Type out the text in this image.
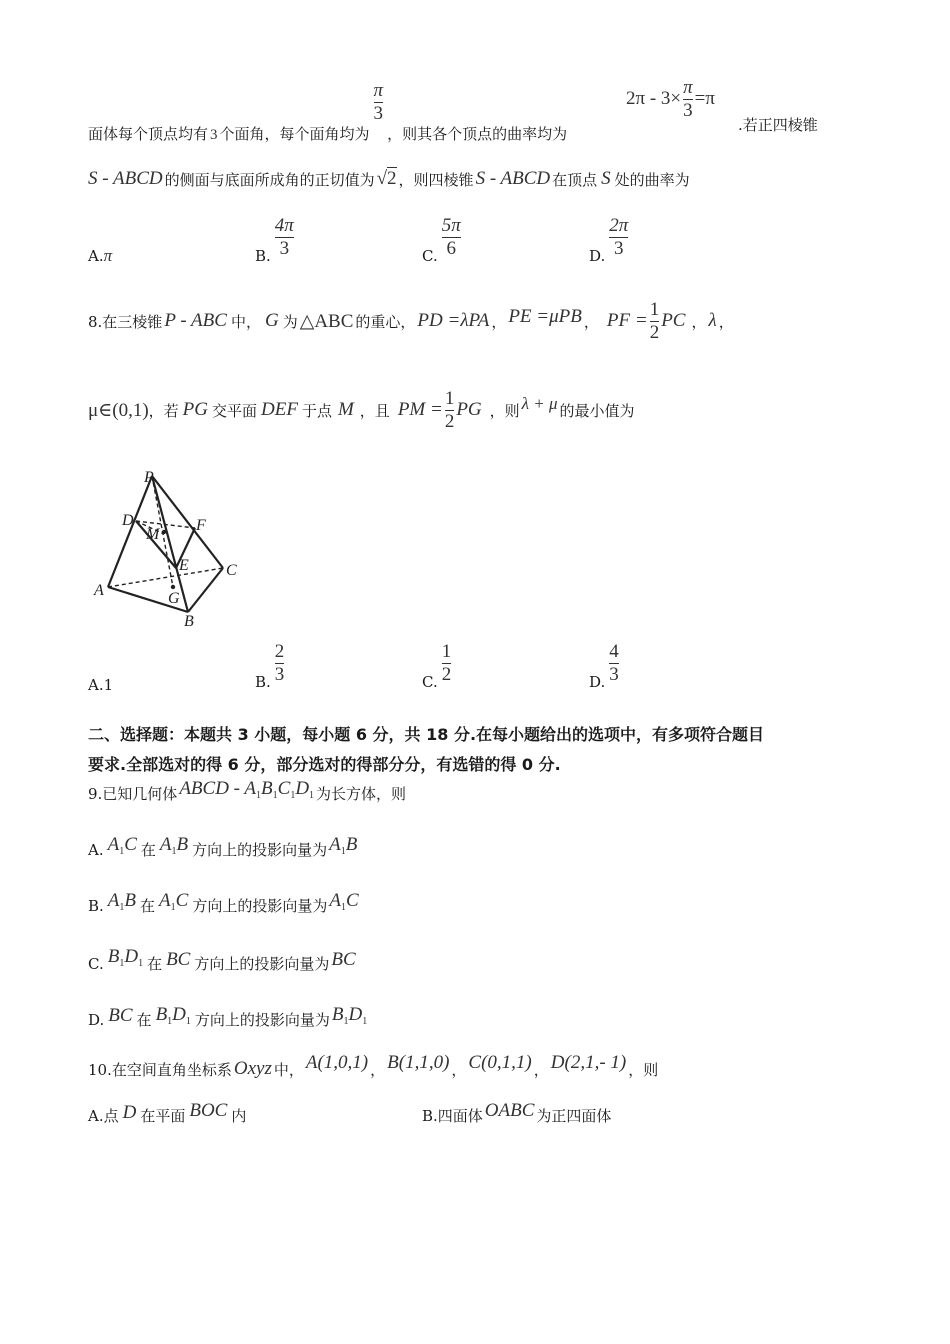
面体每个顶点均有 3 个面角，每个面角均为
$\frac{\pi}{3}$
，则其各个顶点的曲率均为
$2\pi - 3\times \frac{\pi}{3} =\pi$
.若正四棱锥
S - ABCD 的侧面与底面所成角的正切值为 √2 ，则四棱锥 S - ABCD 在顶点 S 处的曲率为
A.π	B. $\frac{4\pi}{3}$	C. $\frac{5\pi}{6}$	D. $\frac{2\pi}{3}$
8.在三棱锥 P - ABC 中， G 为 △ABC 的重心， PD =λPA ， PE =μPB ， PF = $\frac{1}{2}$ PC ， λ ，
μ∈(0,1) ，若 PG 交平面 DEF 于点 M ，且 PM = $\frac{1}{2}$ PG ，则 λ + μ 的最小值为
P
D	F
M
E C
A	G
B
A.1	B. $\frac{2}{3}$	C. $\frac{1}{2}$	D. $\frac{4}{3}$
二、选择题：本题共 3 小题，每小题 6 分，共 18 分.在每小题给出的选项中，有多项符合题目
要求.全部选对的得 6 分，部分选对的得部分分，有选错的得 0 分.
9.已知几何体 ABCD - $A_1B_1C_1D_1$ 为长方体，则
A. $A_1C$ 在 $A_1B$ 方向上的投影向量为 $A_1B$
B. $A_1B$ 在 $A_1C$ 方向上的投影向量为 $A_1C$
C. $B_1D_1$ 在 BC 方向上的投影向量为 BC
D. BC 在 $B_1D_1$ 方向上的投影向量为 $B_1D_1$
10.在空间直角坐标系 Oxyz 中， A(1,0,1) ， B(1,1,0) ， C(0,1,1) ， D(2,1,- 1) ，则
A.点 D 在平面 BOC 内	B.四面体 OABC 为正四面体
